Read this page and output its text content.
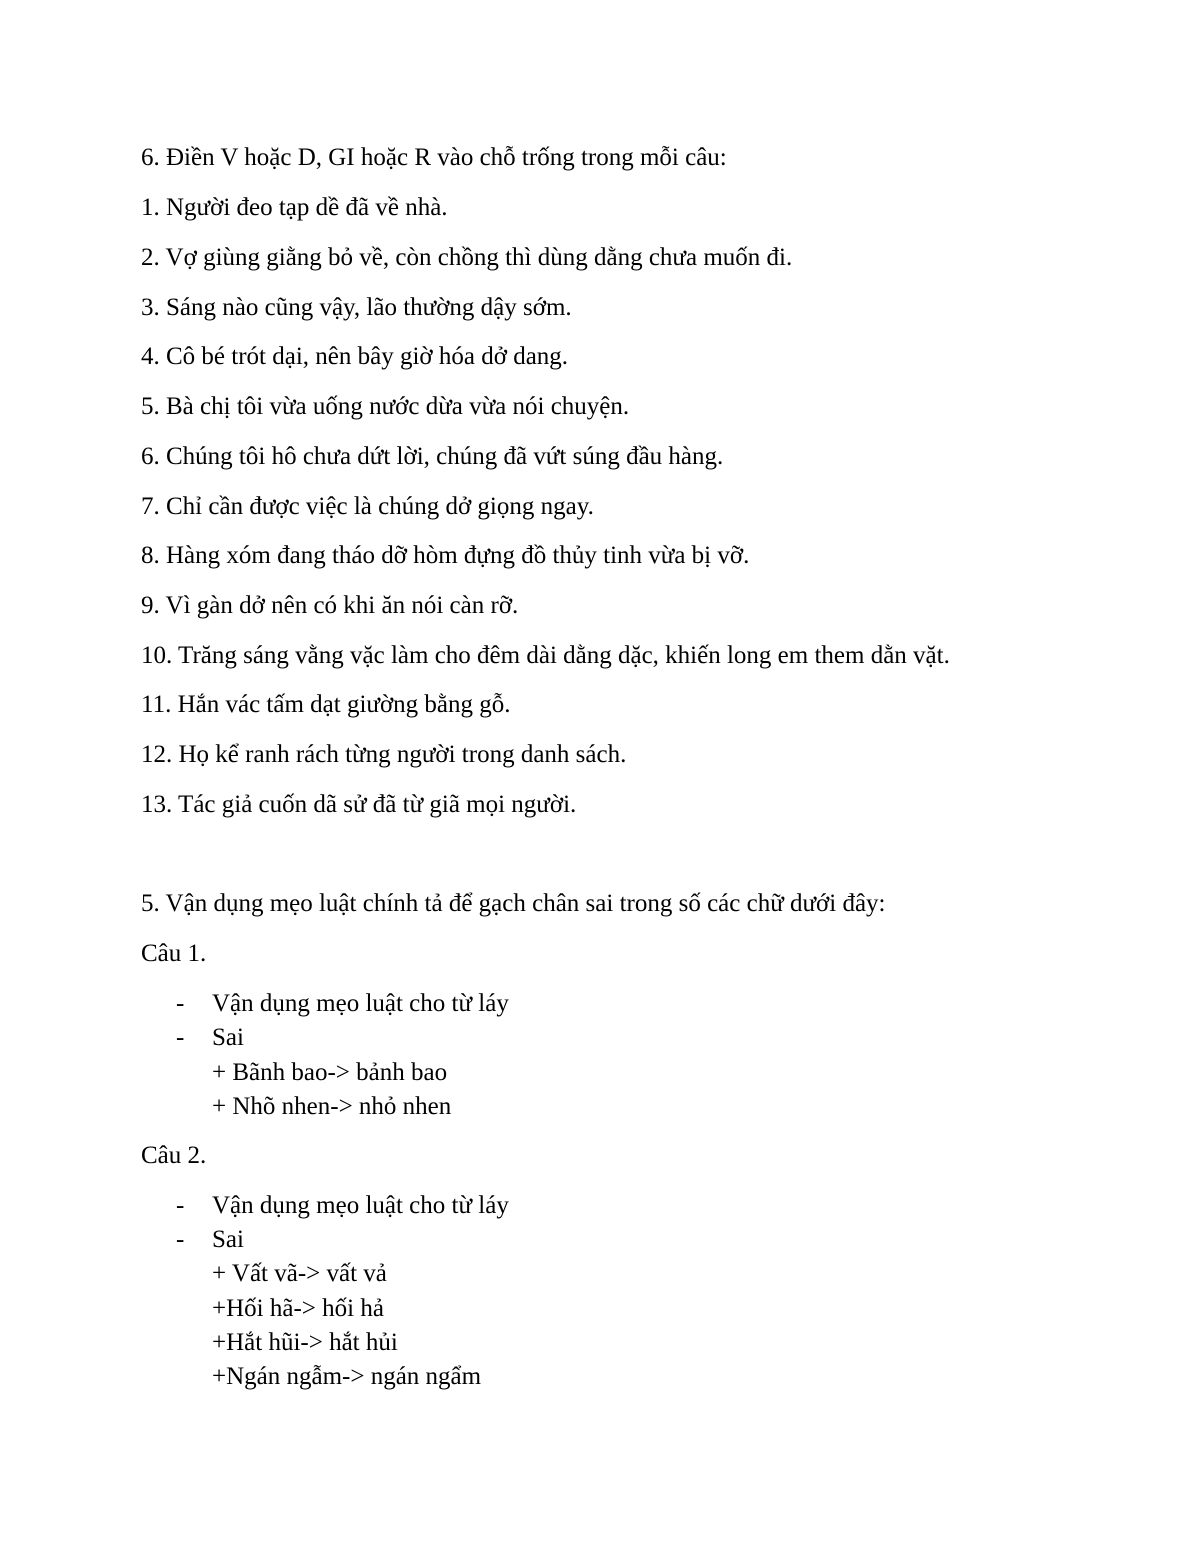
6. Điền V hoặc D, GI hoặc R vào chỗ trống trong mỗi câu:
1. Người đeo tạp dề đã về nhà.
2. Vợ giùng giằng bỏ về, còn chồng thì dùng dằng chưa muốn đi.
3. Sáng nào cũng vậy, lão thường dậy sớm.
4. Cô bé trót dại, nên bây giờ hóa dở dang.
5. Bà chị tôi vừa uống nước dừa vừa nói chuyện.
6. Chúng tôi hô chưa dứt lời, chúng đã vứt súng đầu hàng.
7. Chỉ cần được việc là chúng dở giọng ngay.
8. Hàng xóm đang tháo dỡ hòm đựng đồ thủy tinh vừa bị vỡ.
9. Vì gàn dở nên có khi ăn nói càn rỡ.
10. Trăng sáng vằng vặc làm cho đêm dài dằng dặc, khiến long em them dằn vặt.
11. Hắn vác tấm dạt giường bằng gỗ.
12. Họ kể ranh rách từng người trong danh sách.
13. Tác giả cuốn dã sử đã từ giã mọi người.
5. Vận dụng mẹo luật chính tả để gạch chân sai trong số các chữ dưới đây:
Câu 1.
- Vận dụng mẹo luật cho từ láy
- Sai
+ Bãnh bao-> bảnh bao
+ Nhõ nhen-> nhỏ nhen
Câu 2.
- Vận dụng mẹo luật cho từ láy
- Sai
+ Vất vã-> vất vả
+Hối hã-> hối hả
+Hắt hũi-> hắt hủi
+Ngán ngẫm-> ngán ngẩm
